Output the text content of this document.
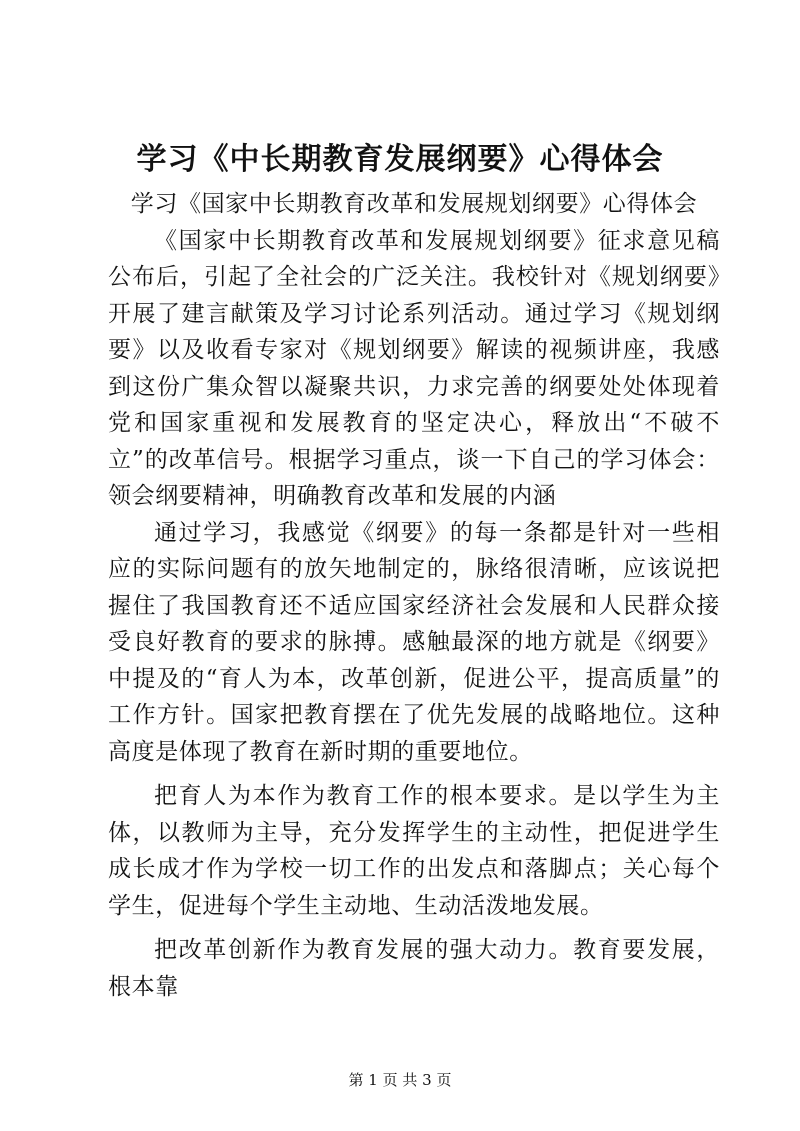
学习《中长期教育发展纲要》心得体会

学习《国家中长期教育改革和发展规划纲要》心得体会

《国家中长期教育改革和发展规划纲要》征求意见稿公布后，引起了全社会的广泛关注。我校针对《规划纲要》开展了建言献策及学习讨论系列活动。通过学习《规划纲要》以及收看专家对《规划纲要》解读的视频讲座，我感到这份广集众智以凝聚共识，力求完善的纲要处处体现着党和国家重视和发展教育的坚定决心，释放出“不破不立”的改革信号。根据学习重点，谈一下自己的学习体会：领会纲要精神，明确教育改革和发展的内涵

通过学习，我感觉《纲要》的每一条都是针对一些相应的实际问题有的放矢地制定的，脉络很清晰，应该说把握住了我国教育还不适应国家经济社会发展和人民群众接受良好教育的要求的脉搏。感触最深的地方就是《纲要》中提及的“育人为本，改革创新，促进公平，提高质量”的工作方针。国家把教育摆在了优先发展的战略地位。这种高度是体现了教育在新时期的重要地位。

把育人为本作为教育工作的根本要求。是以学生为主体，以教师为主导，充分发挥学生的主动性，把促进学生成长成才作为学校一切工作的出发点和落脚点；关心每个学生，促进每个学生主动地、生动活泼地发展。

把改革创新作为教育发展的强大动力。教育要发展，根本靠

第 1 页 共 3 页
